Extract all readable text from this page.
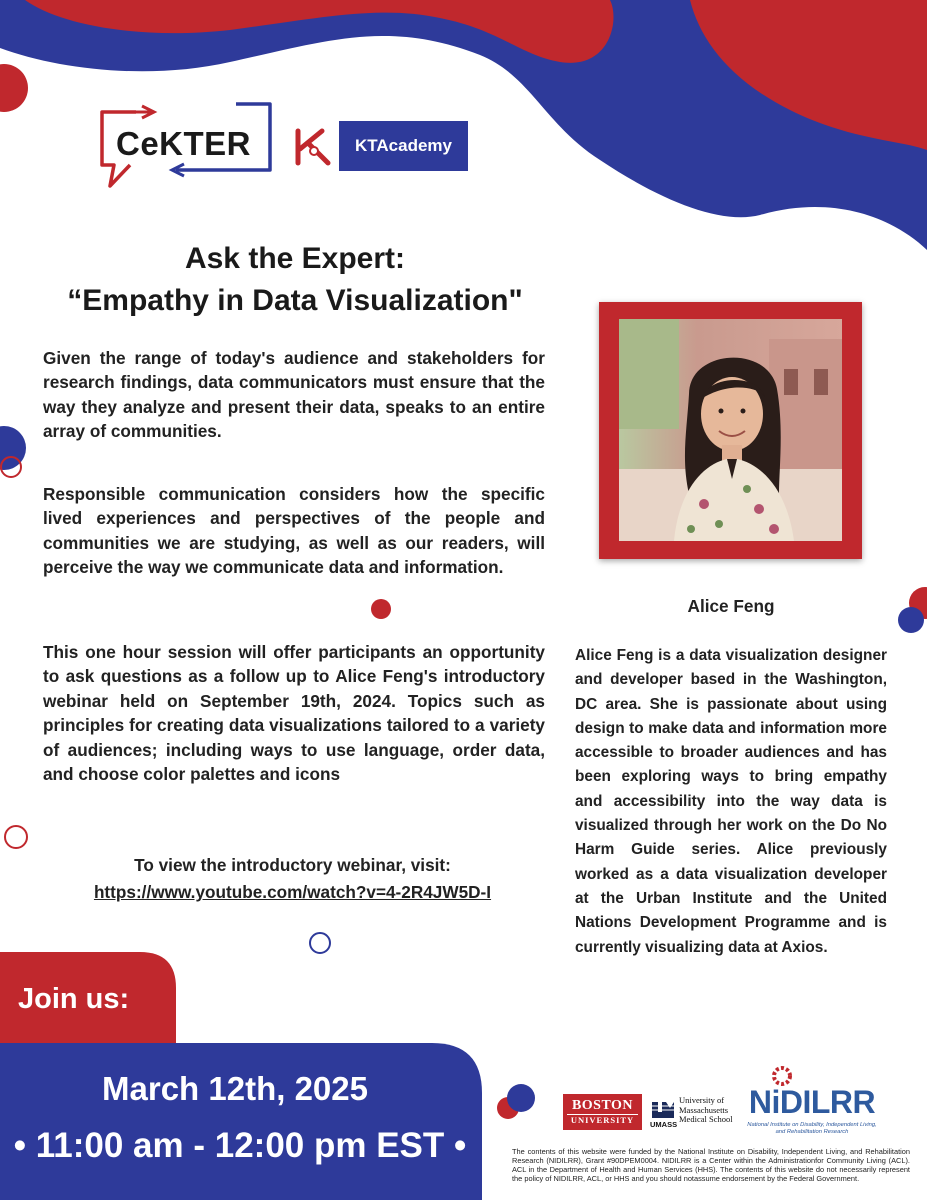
CeKTER	KTAcademy
Ask the Expert:
“Empathy in Data Visualization"

Given the range of today's audience and stakeholders for research findings, data communicators must ensure that the way they analyze and present their data, speaks to an entire array of communities.

Responsible communication considers how the specific lived experiences and perspectives of the people and communities we are studying, as well as our readers, will perceive the way we communicate data and information.

This one hour session will offer participants an opportunity to ask questions as a follow up to Alice Feng's introductory webinar held on September 19th, 2024. Topics such as principles for creating data visualizations tailored to a variety of audiences; including ways to use language, order data, and choose color palettes and icons

To view the introductory webinar, visit:
https://www.youtube.com/watch?v=4-2R4JW5D-I
Alice Feng

Alice Feng is a data visualization designer and developer based in the Washington, DC area. She is passionate about using design to make data and information more accessible to broader audiences and has been exploring ways to bring empathy and accessibility into the way data is visualized through her work on the Do No Harm Guide series. Alice previously worked as a data visualization developer at the Urban Institute and the United Nations Development Programme and is currently visualizing data at Axios.

Join us:
March 12th, 2025
• 11:00 am - 12:00 pm EST •
BOSTON
UNIVERSITY	UMASS
University of
Massachusetts
Medical School NiDILRR
National Institute on Disability, Independent Living, and Rehabilitation Research

The contents of this website were funded by the National Institute on Disability, Independent Living, and Rehabilitation Research (NIDILRR), Grant #90DPEM0004. NIDILRR is a Center within the Administrationfor Community Living (ACL). ACL in the Department of Health and Human Services (HHS). The contents of this website do not necessarily represent the policy of NIDILRR, ACL, or HHS and you should notassume endorsement by the Federal Government.
